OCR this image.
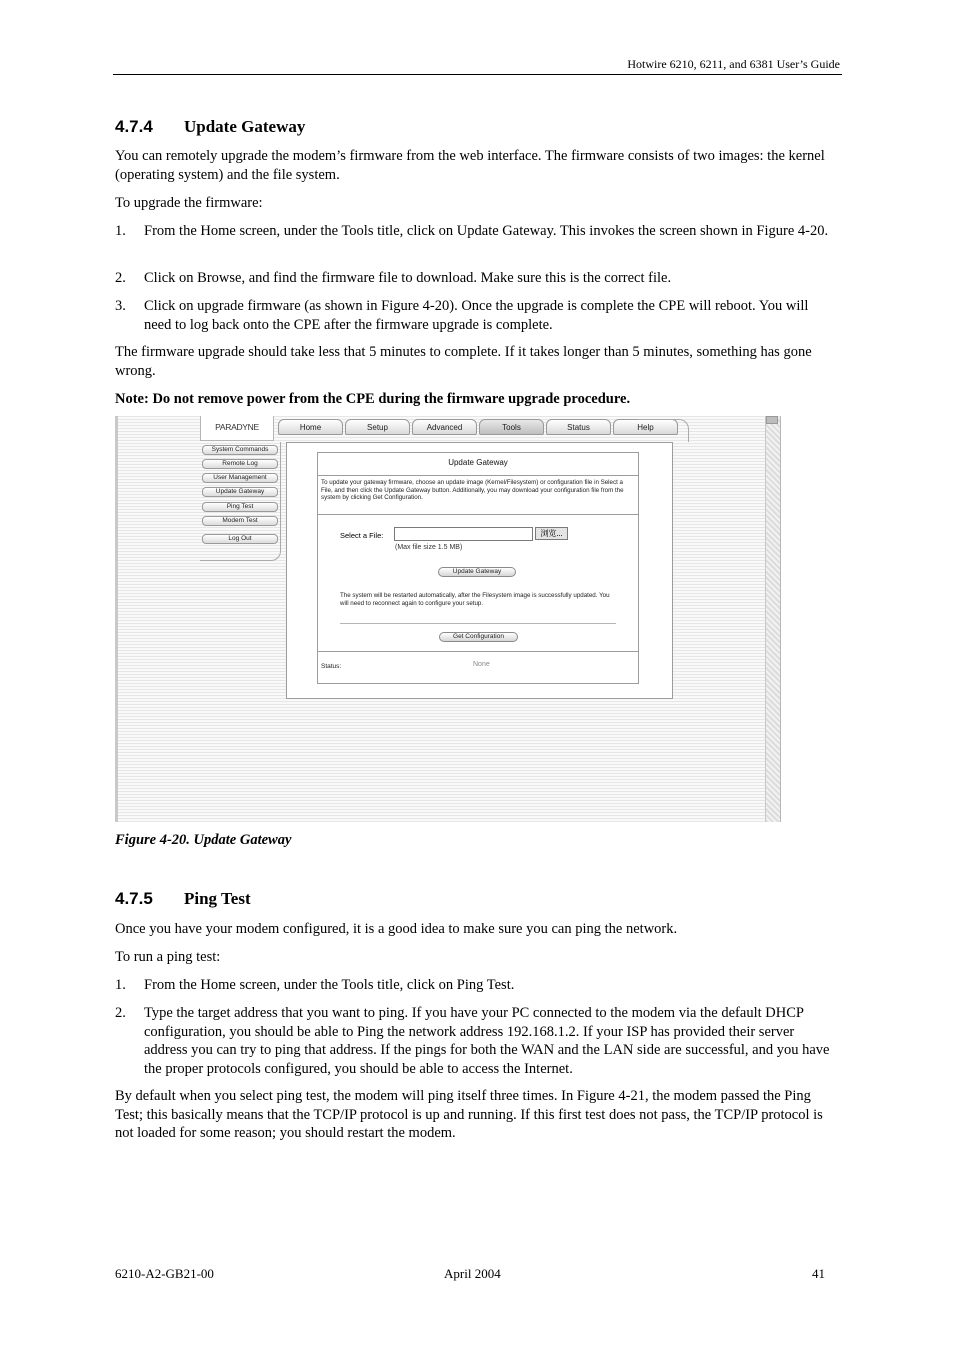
Hotwire 6210, 6211, and 6381 User’s Guide
4.7.4 Update Gateway
You can remotely upgrade the modem’s firmware from the web interface. The firmware consists of two images: the kernel (operating system) and the file system.
To upgrade the firmware:
1. From the Home screen, under the Tools title, click on Update Gateway. This invokes the screen shown in Figure 4-20.
2. Click on Browse, and find the firmware file to download. Make sure this is the correct file.
3. Click on upgrade firmware (as shown in Figure 4-20). Once the upgrade is complete the CPE will reboot. You will need to log back onto the CPE after the firmware upgrade is complete.
The firmware upgrade should take less that 5 minutes to complete. If it takes longer than 5 minutes, something has gone wrong.
Note: Do not remove power from the CPE during the firmware upgrade procedure.
PARADYNE	Home	Setup	Advanced	Tools	Status	Help
System Commands
Remote Log
User Management
Update Gateway
Ping Test
Modem Test
Log Out
Update Gateway
To update your gateway firmware, choose an update image (Kernel/Filesystem) or configuration file in Select a File, and then click the Update Gateway button. Additionally, you may download your configuration file from the system by clicking Get Configuration.
Select a File:	浏览...
(Max file size 1.5 MB)
Update Gateway
The system will be restarted automatically, after the Filesystem image is successfully updated. You will need to reconnect again to configure your setup.
Get Configuration
Status:	None
Figure 4-20. Update Gateway
4.7.5 Ping Test
Once you have your modem configured, it is a good idea to make sure you can ping the network.
To run a ping test:
1. From the Home screen, under the Tools title, click on Ping Test.
2. Type the target address that you want to ping. If you have your PC connected to the modem via the default DHCP configuration, you should be able to Ping the network address 192.168.1.2. If your ISP has provided their server address you can try to ping that address. If the pings for both the WAN and the LAN side are successful, and you have the proper protocols configured, you should be able to access the Internet.
By default when you select ping test, the modem will ping itself three times. In Figure 4-21, the modem passed the Ping Test; this basically means that the TCP/IP protocol is up and running. If this first test does not pass, the TCP/IP protocol is not loaded for some reason; you should restart the modem.
6210-A2-GB21-00	April 2004	41
